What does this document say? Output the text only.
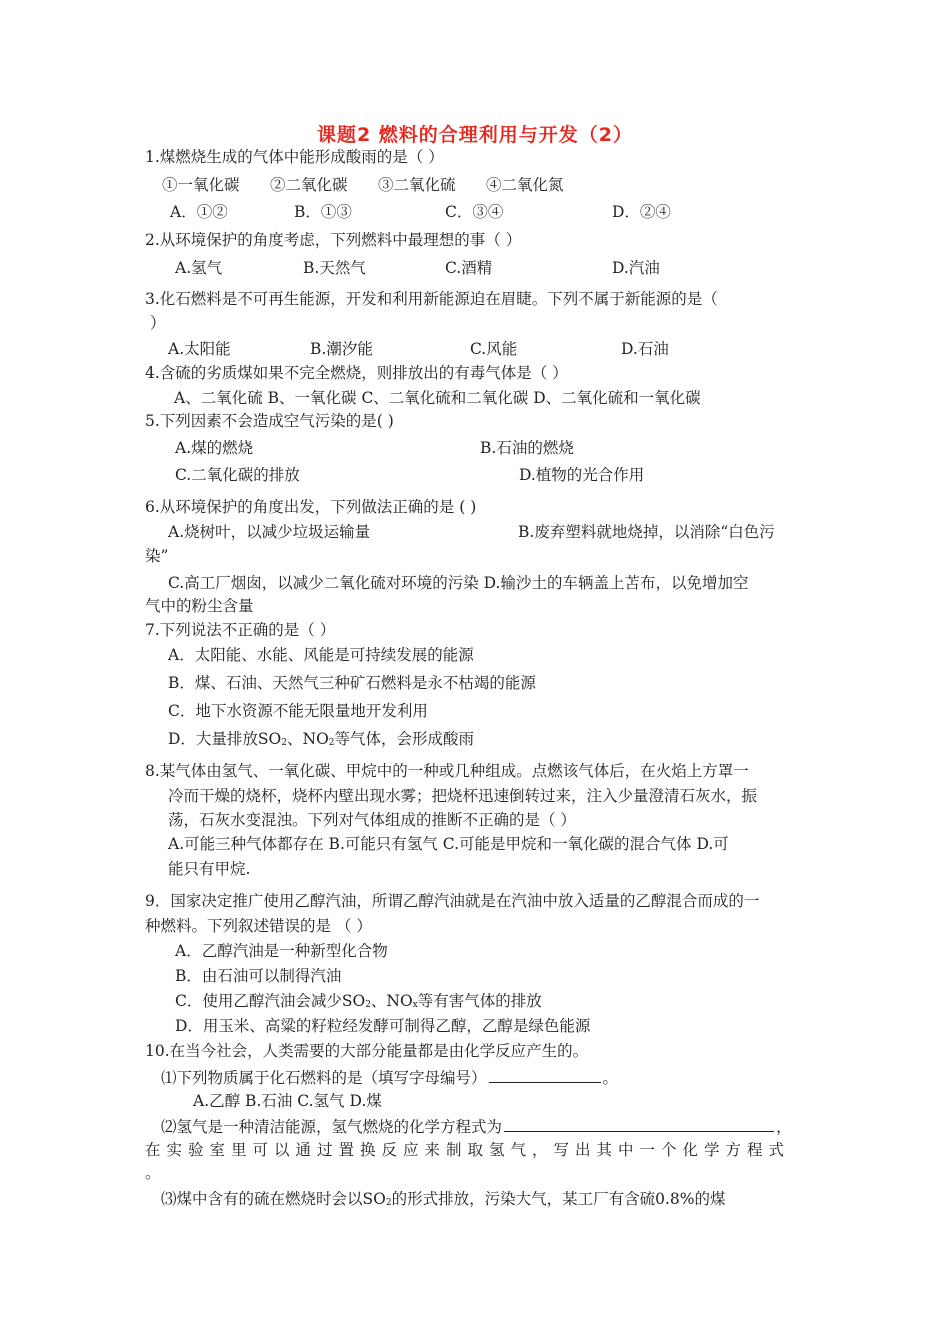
课题2 燃料的合理利用与开发（2）
1.煤燃烧生成的气体中能形成酸雨的是（ ）
①一氧化碳 ②二氧化碳 ③二氧化硫 ④二氧化氮
A．①②	B．①③	C．③④	D．②④
2.从环境保护的角度考虑，下列燃料中最理想的事（ ）
A.氢气	B.天然气	C.酒精	D.汽油
3.化石燃料是不可再生能源，开发和利用新能源迫在眉睫。下列不属于新能源的是（
）
A.太阳能	B.潮汐能	C.风能	D.石油
4.含硫的劣质煤如果不完全燃烧，则排放出的有毒气体是（ ）
A、二氧化硫 B、一氧化碳 C、二氧化硫和二氧化碳 D、二氧化硫和一氧化碳
5.下列因素不会造成空气污染的是( )
A.煤的燃烧	B.石油的燃烧
C.二氧化碳的排放	D.植物的光合作用
6.从环境保护的角度出发，下列做法正确的是 ( )
A.烧树叶，以减少垃圾运输量	B.废弃塑料就地烧掉，以消除“白色污
染”
C.高工厂烟囱，以减少二氧化硫对环境的污染 D.输沙土的车辆盖上苫布，以免增加空
气中的粉尘含量
7.下列说法不正确的是（ ）
A．太阳能、水能、风能是可持续发展的能源
B．煤、石油、天然气三种矿石燃料是永不枯竭的能源
C．地下水资源不能无限量地开发利用
D．大量排放$SO_2$、$NO_2$等气体，会形成酸雨
8.某气体由氢气、一氧化碳、甲烷中的一种或几种组成。点燃该气体后，在火焰上方罩一
冷而干燥的烧杯，烧杯内壁出现水雾；把烧杯迅速倒转过来，注入少量澄清石灰水，振
荡，石灰水变混浊。下列对气体组成的推断不正确的是（ ）
A.可能三种气体都存在 B.可能只有氢气 C.可能是甲烷和一氧化碳的混合气体 D.可
能只有甲烷.
9．国家决定推广使用乙醇汽油，所谓乙醇汽油就是在汽油中放入适量的乙醇混合而成的一
种燃料。下列叙述错误的是 （ ）
A．乙醇汽油是一种新型化合物
B．由石油可以制得汽油
C．使用乙醇汽油会减少$SO_2$、$NO_x$等有害气体的排放
D．用玉米、高粱的籽粒经发酵可制得乙醇，乙醇是绿色能源
10.在当今社会，人类需要的大部分能量都是由化学反应产生的。
⑴下列物质属于化石燃料的是（填写字母编号）	。
A.乙醇 B.石油 C.氢气 D.煤
⑵氢气是一种清洁能源，氢气燃烧的化学方程式为	，
在实验室里可以通过置换反应来制取氢气，写出其中一个化学方程式
。
⑶煤中含有的硫在燃烧时会以$SO_2$的形式排放，污染大气，某工厂有含硫0.8%的煤
